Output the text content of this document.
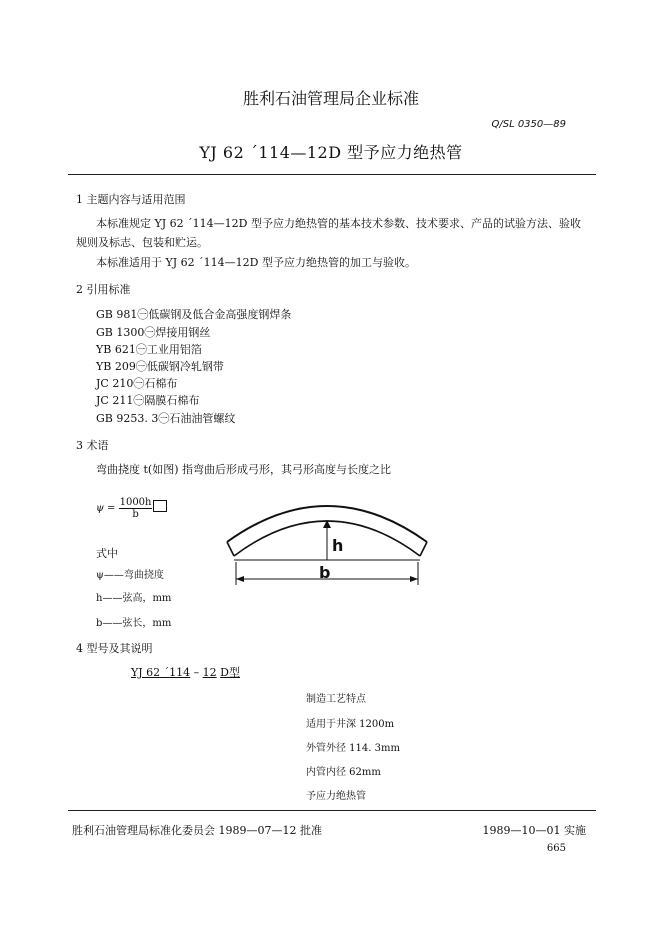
胜利石油管理局企业标准
Q/SL 0350—89
YJ 62 ´114—12D 型予应力绝热管
1 主题内容与适用范围
本标准规定 YJ 62 ´114—12D 型予应力绝热管的基本技术参数、技术要求、产品的试验方法、验收
规则及标志、包装和贮运。
本标准适用于 YJ 62 ´114—12D 型予应力绝热管的加工与验收。
2 引用标准
GB 981㊀低碳钢及低合金高强度钢焊条
GB 1300㊀焊接用钢丝
YB 621㊀工业用铝箔
YB 209㊀低碳钢冷轧钢带
JC 210㊀石棉布
JC 211㊀隔膜石棉布
GB 9253. 3㊀石油油管螺纹
3 术语
弯曲挠度 t(如图) 指弯曲后形成弓形，其弓形高度与长度之比
$\psi = \frac{1000h}{b}$
式中
ψ——弯曲挠度
h——弦高，mm
b——弦长，mm
h
b
4 型号及其说明
YJ 62 ´114 – 12 D型
制造工艺特点
适用于井深 1200m
外管外径 114. 3mm
内管内径 62mm
予应力绝热管
胜利石油管理局标准化委员会 1989—07—12 批准	1989—10—01 实施
665
